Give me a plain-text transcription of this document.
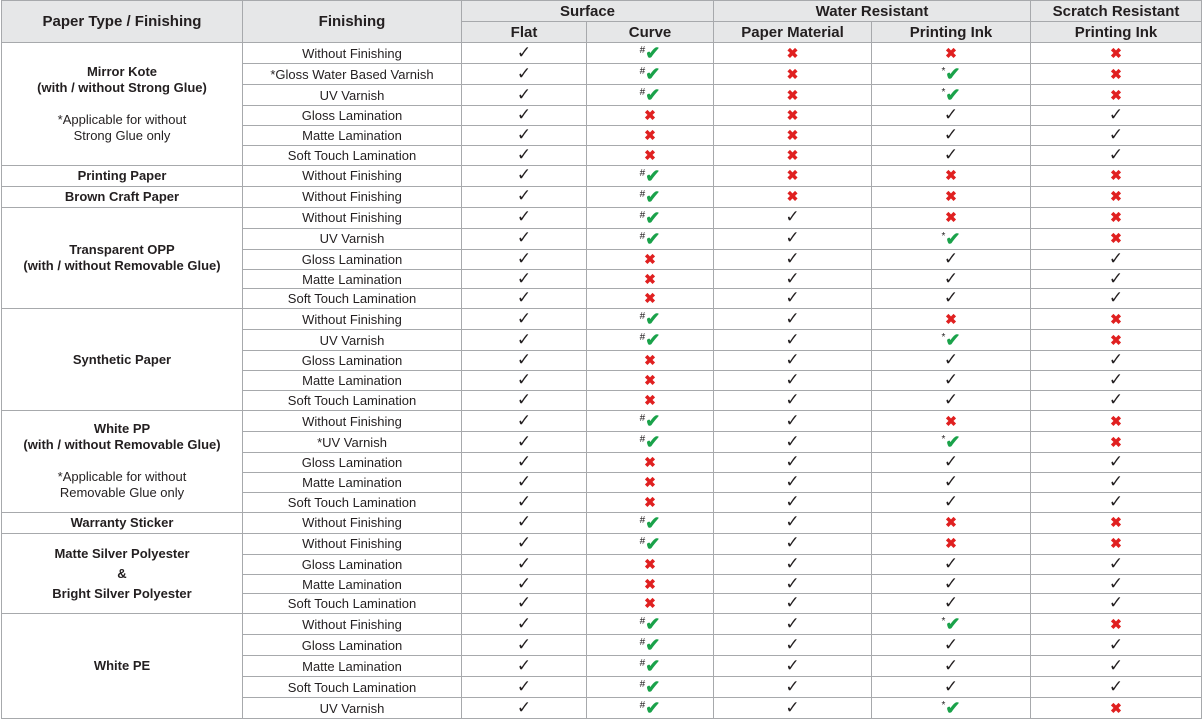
Paper Type / Finishing	Finishing	Surface		Water Resistant		Scratch Resistant
		Flat	Curve	Paper Material	Printing Ink	Printing Ink

Mirror Kote
(with / without Strong Glue)
*Applicable for without
Strong Glue only	Without Finishing	✓	#✔	✖	✖	✖
	*Gloss Water Based Varnish	✓	#✔	✖	*✔	✖
	UV Varnish	✓	#✔	✖	*✔	✖
	Gloss Lamination	✓	✖	✖	✓	✓
	Matte Lamination	✓	✖	✖	✓	✓
	Soft Touch Lamination	✓	✖	✖	✓	✓

Printing Paper	Without Finishing	✓	#✔	✖	✖	✖

Brown Craft Paper	Without Finishing	✓	#✔	✖	✖	✖

Transparent OPP
(with / without Removable Glue)	Without Finishing	✓	#✔	✓	✖	✖
	UV Varnish	✓	#✔	✓	*✔	✖
	Gloss Lamination	✓	✖	✓	✓	✓
	Matte Lamination	✓	✖	✓	✓	✓
	Soft Touch Lamination	✓	✖	✓	✓	✓

Synthetic Paper	Without Finishing	✓	#✔	✓	✖	✖
	UV Varnish	✓	#✔	✓	*✔	✖
	Gloss Lamination	✓	✖	✓	✓	✓
	Matte Lamination	✓	✖	✓	✓	✓
	Soft Touch Lamination	✓	✖	✓	✓	✓

White PP
(with / without Removable Glue)
*Applicable for without
Removable Glue only	Without Finishing	✓	#✔	✓	✖	✖
	*UV Varnish	✓	#✔	✓	*✔	✖
	Gloss Lamination	✓	✖	✓	✓	✓
	Matte Lamination	✓	✖	✓	✓	✓
	Soft Touch Lamination	✓	✖	✓	✓	✓

Warranty Sticker	Without Finishing	✓	#✔	✓	✖	✖

Matte Silver Polyester
&
Bright Silver Polyester	Without Finishing	✓	#✔	✓	✖	✖
	Gloss Lamination	✓	✖	✓	✓	✓
	Matte Lamination	✓	✖	✓	✓	✓
	Soft Touch Lamination	✓	✖	✓	✓	✓

White PE	Without Finishing	✓	#✔	✓	*✔	✖
	Gloss Lamination	✓	#✔	✓	✓	✓
	Matte Lamination	✓	#✔	✓	✓	✓
	Soft Touch Lamination	✓	#✔	✓	✓	✓
	UV Varnish	✓	#✔	✓	*✔	✖
